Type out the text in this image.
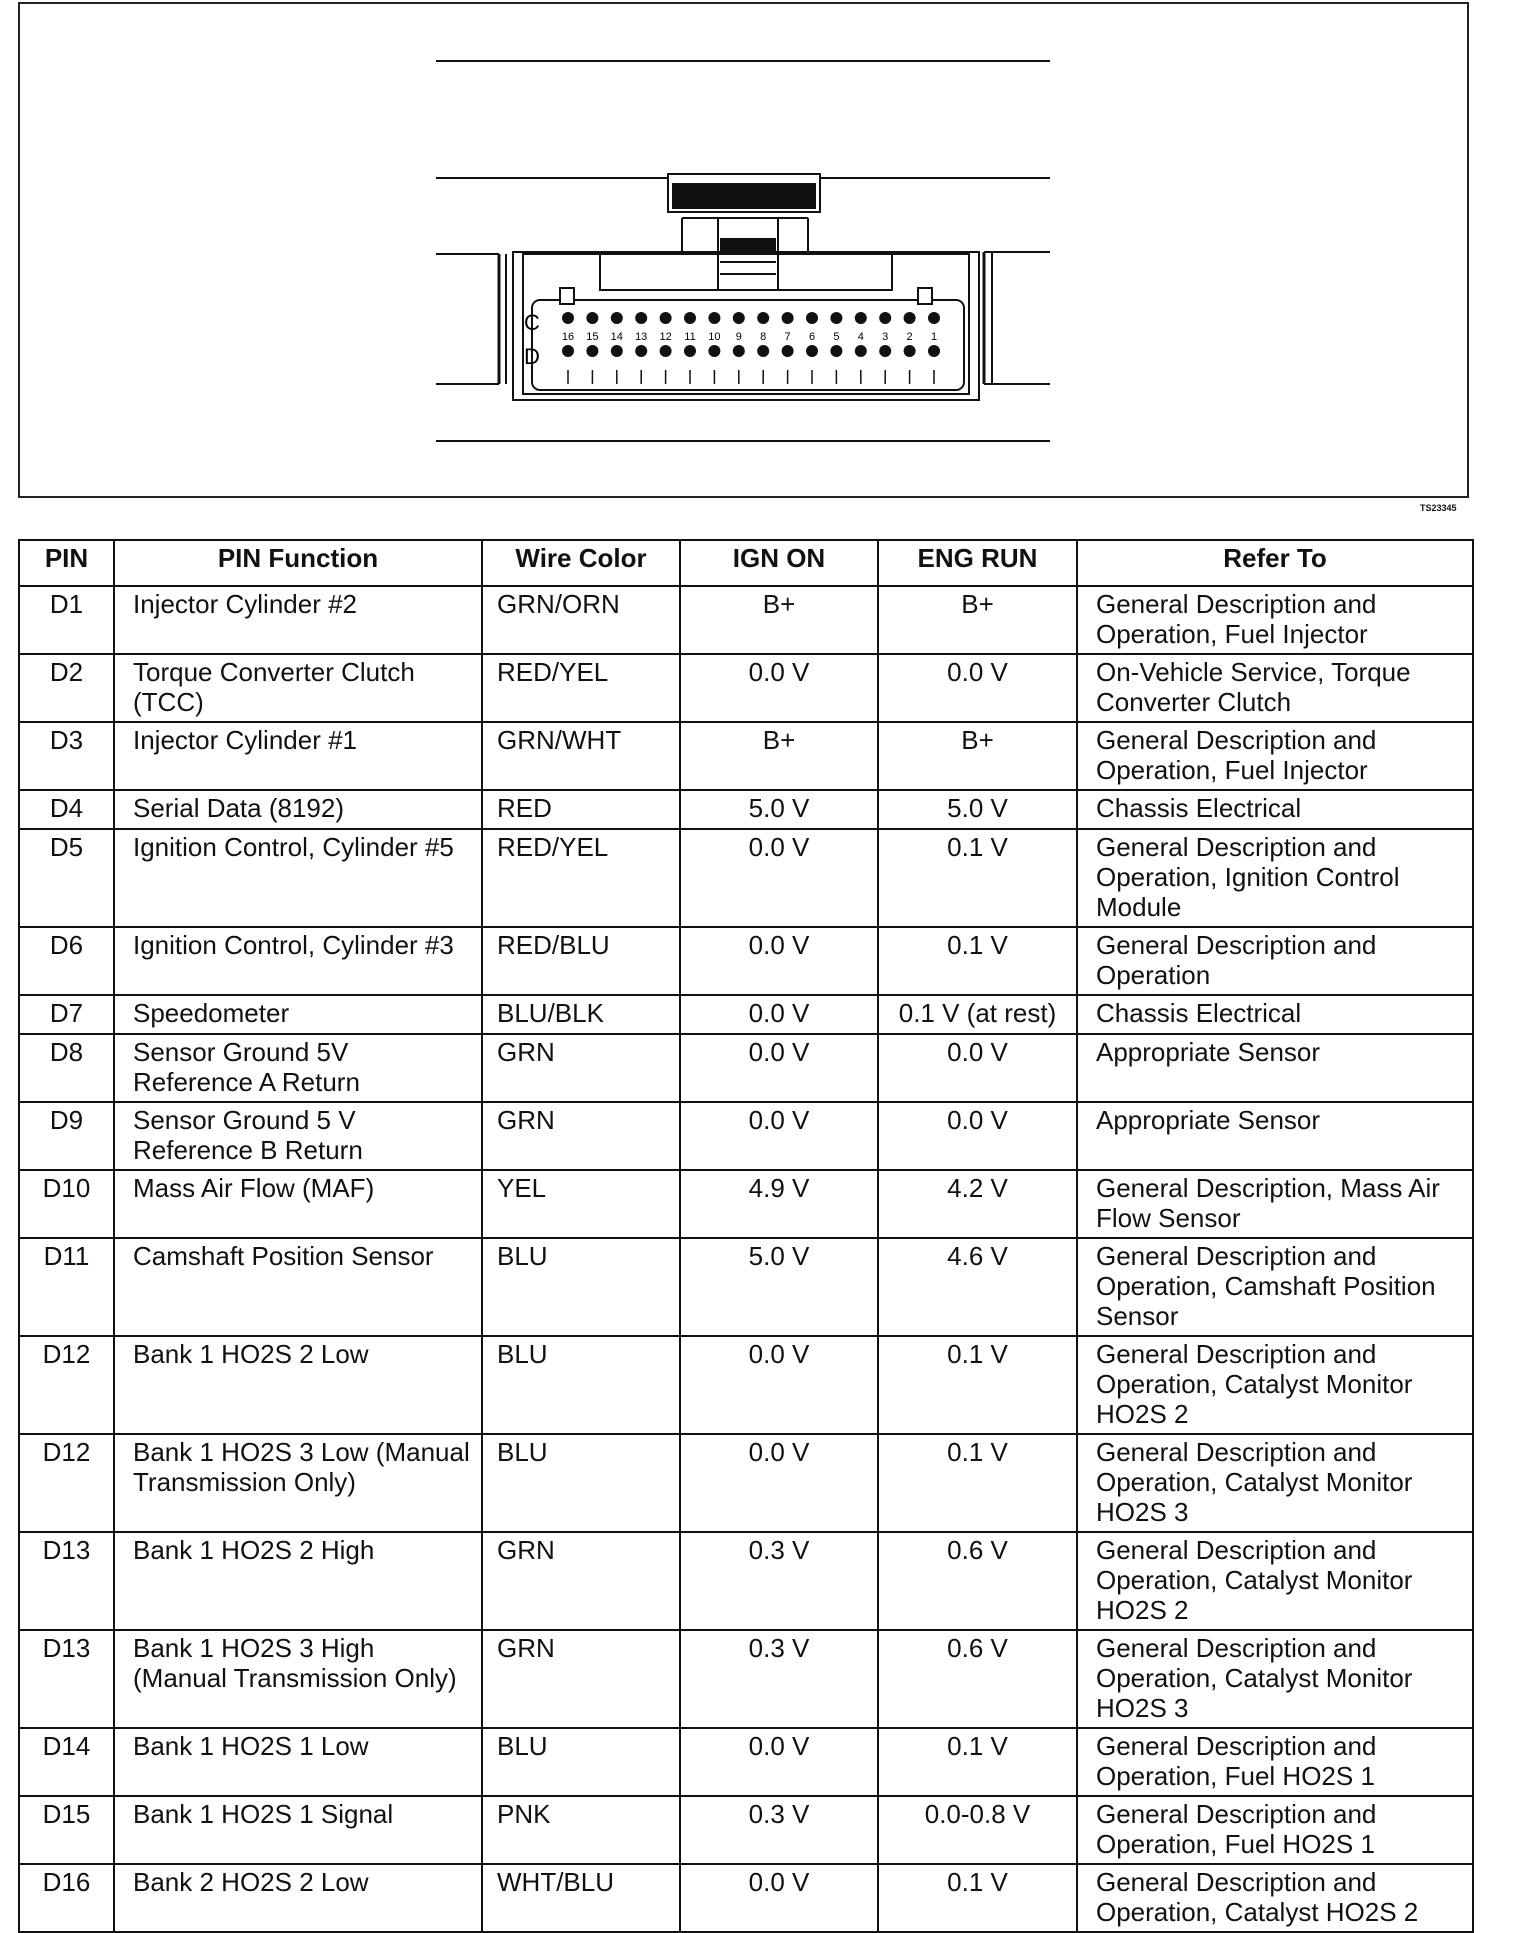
C
D
16 15 14 13 12 11 10 9 8 7 6 5 4 3 2 1
TS23345
PIN	PIN Function	Wire Color	IGN ON	ENG RUN	Refer To
D1	Injector Cylinder #2	GRN/ORN	B+	B+	General Description and Operation, Fuel Injector
D2	Torque Converter Clutch (TCC)	RED/YEL	0.0 V	0.0 V	On-Vehicle Service, Torque Converter Clutch
D3	Injector Cylinder #1	GRN/WHT	B+	B+	General Description and Operation, Fuel Injector
D4	Serial Data (8192)	RED	5.0 V	5.0 V	Chassis Electrical
D5	Ignition Control, Cylinder #5	RED/YEL	0.0 V	0.1 V	General Description and Operation, Ignition Control Module
D6	Ignition Control, Cylinder #3	RED/BLU	0.0 V	0.1 V	General Description and Operation
D7	Speedometer	BLU/BLK	0.0 V	0.1 V (at rest)	Chassis Electrical
D8	Sensor Ground 5V Reference A Return	GRN	0.0 V	0.0 V	Appropriate Sensor
D9	Sensor Ground 5 V Reference B Return	GRN	0.0 V	0.0 V	Appropriate Sensor
D10	Mass Air Flow (MAF)	YEL	4.9 V	4.2 V	General Description, Mass Air Flow Sensor
D11	Camshaft Position Sensor	BLU	5.0 V	4.6 V	General Description and Operation, Camshaft Position Sensor
D12	Bank 1 HO2S 2 Low	BLU	0.0 V	0.1 V	General Description and Operation, Catalyst Monitor HO2S 2
D12	Bank 1 HO2S 3 Low (Manual Transmission Only)	BLU	0.0 V	0.1 V	General Description and Operation, Catalyst Monitor HO2S 3
D13	Bank 1 HO2S 2 High	GRN	0.3 V	0.6 V	General Description and Operation, Catalyst Monitor HO2S 2
D13	Bank 1 HO2S 3 High (Manual Transmission Only)	GRN	0.3 V	0.6 V	General Description and Operation, Catalyst Monitor HO2S 3
D14	Bank 1 HO2S 1 Low	BLU	0.0 V	0.1 V	General Description and Operation, Fuel HO2S 1
D15	Bank 1 HO2S 1 Signal	PNK	0.3 V	0.0-0.8 V	General Description and Operation, Fuel HO2S 1
D16	Bank 2 HO2S 2 Low	WHT/BLU	0.0 V	0.1 V	General Description and Operation, Catalyst HO2S 2
